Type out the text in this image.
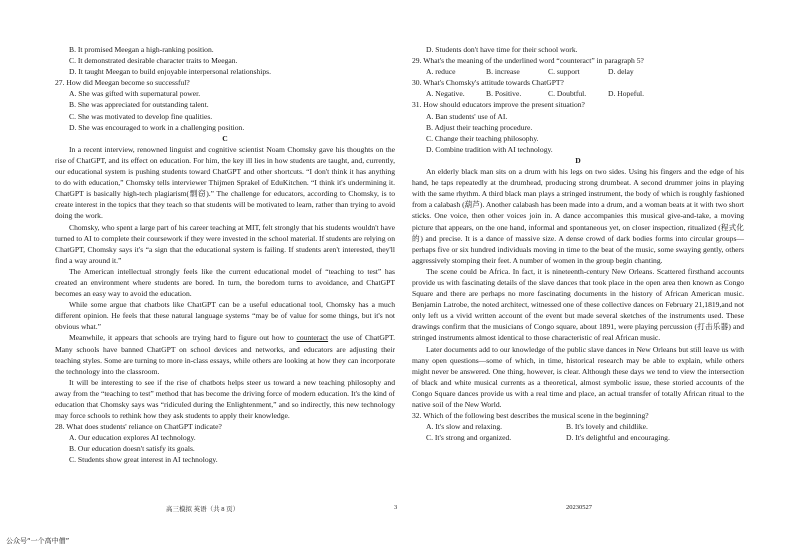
B. It promised Meegan a high-ranking position.
C. It demonstrated desirable character traits to Meegan.
D. It taught Meegan to build enjoyable interpersonal relationships.
27. How did Meegan become so successful?
A. She was gifted with supernatural power.
B. She was appreciated for outstanding talent.
C. She was motivated to develop fine qualities.
D. She was encouraged to work in a challenging position.
C
In a recent interview, renowned linguist and cognitive scientist Noam Chomsky gave his thoughts on the rise of ChatGPT, and its effect on education. For him, the key ill lies in how students are taught, and, currently, our educational system is pushing students toward ChatGPT and other shortcuts. “I don't think it has anything to do with education,” Chomsky tells interviewer Thijmen Sprakel of EduKitchen. “I think it's undermining it. ChatGPT is basically high-tech plagiarism(剽窃).” The challenge for educators, according to Chomsky, is to create interest in the topics that they teach so that students will be motivated to learn, rather than trying to avoid doing the work.
Chomsky, who spent a large part of his career teaching at MIT, felt strongly that his students wouldn't have turned to AI to complete their coursework if they were invested in the school material. If students are relying on ChatGPT, Chomsky says it's “a sign that the educational system is failing. If students aren't interested, they'll find a way around it.”
The American intellectual strongly feels like the current educational model of “teaching to test” has created an environment where students are bored. In turn, the boredom turns to avoidance, and ChatGPT becomes an easy way to avoid the education.
While some argue that chatbots like ChatGPT can be a useful educational tool, Chomsky has a much different opinion. He feels that these natural language systems “may be of value for some things, but it's not obvious what.”
Meanwhile, it appears that schools are trying hard to figure out how to counteract the use of ChatGPT. Many schools have banned ChatGPT on school devices and networks, and educators are adjusting their teaching styles. Some are turning to more in-class essays, while others are looking at how they can incorporate the technology into the classroom.
It will be interesting to see if the rise of chatbots helps steer us toward a new teaching philosophy and away from the “teaching to test” method that has become the driving force of modern education. It's the kind of education that Chomsky says was “ridiculed during the Enlightenment,” and so indirectly, this new technology may force schools to rethink how they ask students to apply their knowledge.
28. What does students' reliance on ChatGPT indicate?
A. Our education explores AI technology.
B. Our education doesn't satisfy its goals.
C. Students show great interest in AI technology.
D. Students don't have time for their school work.
29. What's the meaning of the underlined word “counteract” in paragraph 5?
A. reduce	B. increase	C. support	D. delay
30. What's Chomsky's attitude towards ChatGPT?
A. Negative.	B. Positive.	C. Doubtful.	D. Hopeful.
31. How should educators improve the present situation?
A. Ban students' use of AI.
B. Adjust their teaching procedure.
C. Change their teaching philosophy.
D. Combine tradition with AI technology.
D
An elderly black man sits on a drum with his legs on two sides. Using his fingers and the edge of his hand, he taps repeatedly at the drumhead, producing strong drumbeat. A second drummer joins in playing with the same rhythm. A third black man plays a stringed instrument, the body of which is roughly fashioned from a calabash (葫芦). Another calabash has been made into a drum, and a woman beats at it with two short sticks. One voice, then other voices join in. A dance accompanies this musical give-and-take, a moving picture that appears, on the one hand, informal and spontaneous yet, on closer inspection, ritualized (程式化的) and precise. It is a dance of massive size. A dense crowd of dark bodies forms into circular groups—perhaps five or six hundred individuals moving in time to the beat of the music, some swaying gently, others aggressively stomping their feet. A number of women in the group begin chanting.
The scene could be Africa. In fact, it is nineteenth-century New Orleans. Scattered firsthand accounts provide us with fascinating details of the slave dances that took place in the open area then known as Congo Square and there are perhaps no more fascinating documents in the history of African American music. Benjamin Latrobe, the noted architect, witnessed one of these collective dances on February 21,1819,and not only left us a vivid written account of the event but made several sketches of the instruments used. These drawings confirm that the musicians of Congo square, about 1891, were playing percussion (打击乐器) and stringed instruments almost identical to those characteristic of real African music.
Later documents add to our knowledge of the public slave dances in New Orleans but still leave us with many open questions—some of which, in time, historical research may be able to explain, while others might never be answered. One thing, however, is clear. Although these days we tend to view the intersection of black and white musical currents as a theoretical, almost symbolic issue, these storied accounts of the Congo Square dances provide us with a real time and place, an actual transfer of totally African ritual to the native soil of the New World.
32. Which of the following best describes the musical scene in the beginning?
A. It's slow and relaxing.	B. It's lovely and childlike.
C. It's strong and organized.	D. It's delightful and encouraging.
高三模拟 英语（共 8 页）	3	20230527
公众号“一个高中僧”
